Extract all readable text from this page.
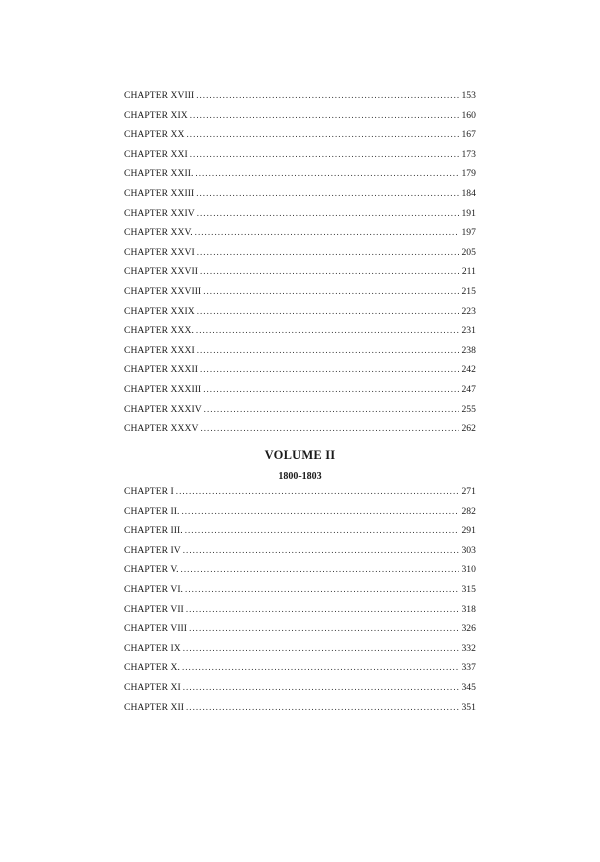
CHAPTER XVIII . . .	153
CHAPTER XIX . . .	160
CHAPTER XX . . .	167
CHAPTER XXI . . .	173
CHAPTER XXII. . . .	179
CHAPTER XXIII . . .	184
CHAPTER XXIV . . .	191
CHAPTER XXV. . . .	197
CHAPTER XXVI . . .	205
CHAPTER XXVII . . .	211
CHAPTER XXVIII . . .	215
CHAPTER XXIX . . .	223
CHAPTER XXX. . . .	231
CHAPTER XXXI . . .	238
CHAPTER XXXII . . .	242
CHAPTER XXXIII . . .	247
CHAPTER XXXIV . . .	255
CHAPTER XXXV . . .	262
VOLUME II
1800-1803
CHAPTER I . . .	271
CHAPTER II. . . .	282
CHAPTER III. . . .	291
CHAPTER IV . . .	303
CHAPTER V. . . .	310
CHAPTER VI. . . .	315
CHAPTER VII . . .	318
CHAPTER VIII . . .	326
CHAPTER IX . . .	332
CHAPTER X. . . .	337
CHAPTER XI . . .	345
CHAPTER XII . . .	351
